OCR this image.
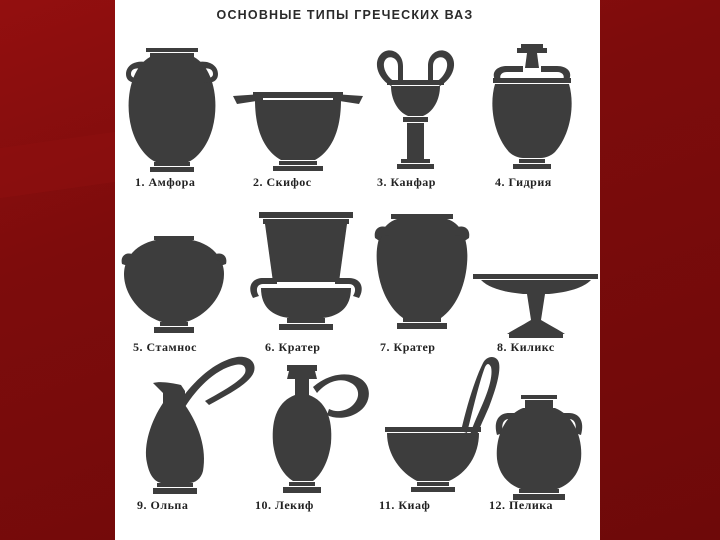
ОСНОВНЫЕ ТИПЫ ГРЕЧЕСКИХ ВАЗ
1. Амфора	2. Скифос	3. Канфар	4. Гидрия
5. Стамнос	6. Кратер	7. Кратер	8. Киликс
9. Ольпа	10. Лекиф	11. Киаф	12. Пелика
